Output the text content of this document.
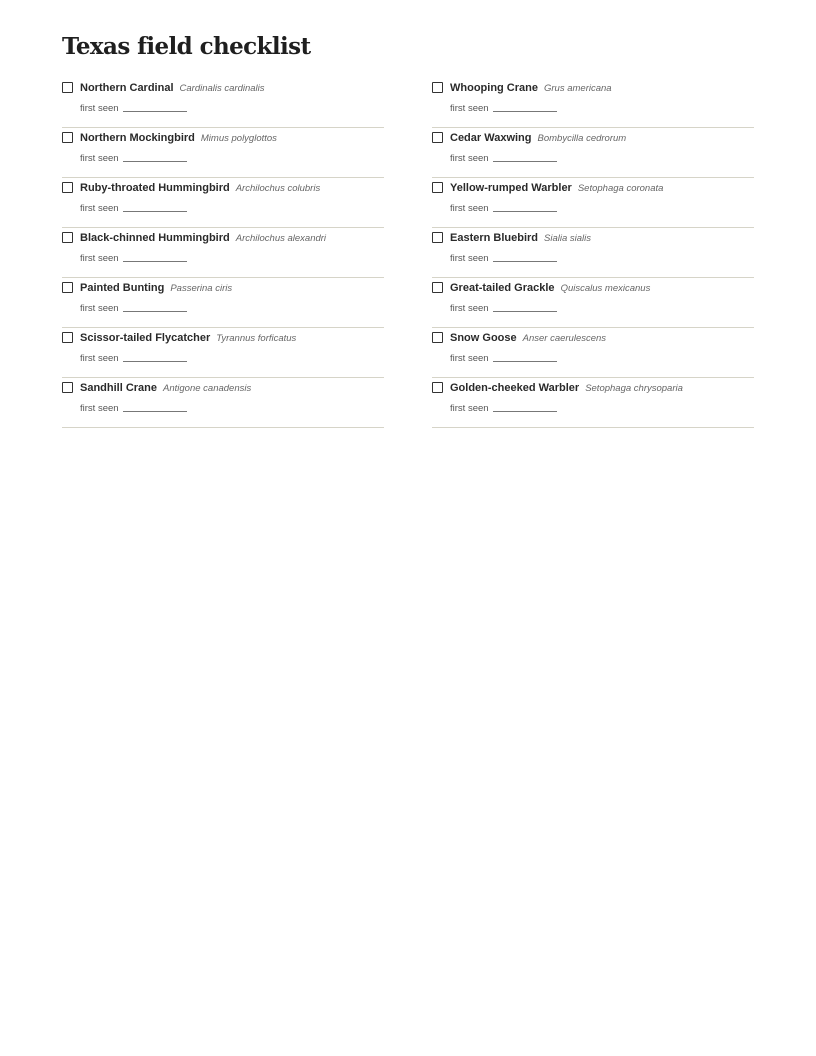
Texas field checklist
Northern Cardinal Cardinalis cardinalis
first seen
Northern Mockingbird Mimus polyglottos
first seen
Ruby-throated Hummingbird Archilochus colubris
first seen
Black-chinned Hummingbird Archilochus alexandri
first seen
Painted Bunting Passerina ciris
first seen
Scissor-tailed Flycatcher Tyrannus forficatus
first seen
Sandhill Crane Antigone canadensis
first seen
Whooping Crane Grus americana
first seen
Cedar Waxwing Bombycilla cedrorum
first seen
Yellow-rumped Warbler Setophaga coronata
first seen
Eastern Bluebird Sialia sialis
first seen
Great-tailed Grackle Quiscalus mexicanus
first seen
Snow Goose Anser caerulescens
first seen
Golden-cheeked Warbler Setophaga chrysoparia
first seen
